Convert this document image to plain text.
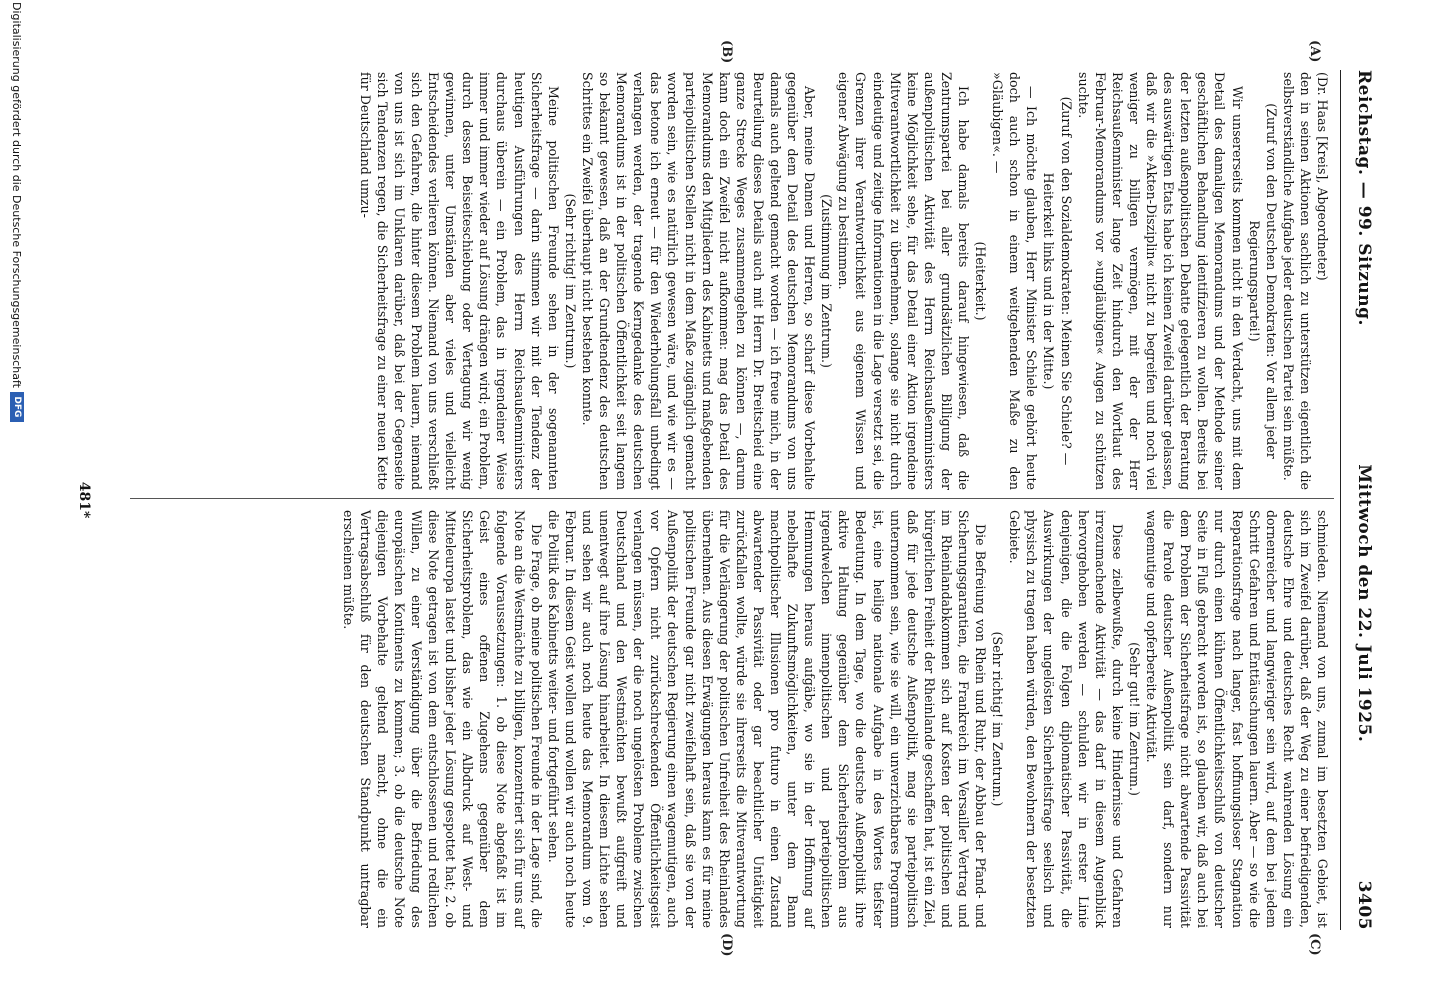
Reichstag. — 99. Sitzung.
Mittwoch den 22. Juli 1925.
3405
(A)
(B)
(C)
(D)

(Dr. Haas [Kreis], Abgeordneter)

den in seinen Aktionen sachlich zu unterstützen eigentlich die selbstverständliche Aufgabe jeder deutschen Partei sein müßte.

(Zuruf von den Deutschen Demokraten: Vor allem jeder Regierungspartei!)

Wir unsererseits kommen nicht in den Verdacht, uns mit dem Detail des damaligen Memorandums und der Methode seiner geschäftlichen Behandlung identifizieren zu wollen. Bereits bei der letzten außenpolitischen Debatte gelegentlich der Beratung des auswärtigen Etats habe ich keinen Zweifel darüber gelassen, daß wir die »Akten-Disziplin« nicht zu begreifen und noch viel weniger zu billigen vermögen, mit der der Herr Reichsaußenminister lange Zeit hindurch den Wortlaut des Februar-Memorandums vor »ungläubigen« Augen zu schützen suchte.

(Zuruf von den Sozialdemokraten: Meinen Sie Schiele? — Heiterkeit links und in der Mitte.)

— Ich möchte glauben, Herr Minister Schiele gehört heute doch auch schon in einem weitgehenden Maße zu den »Gläubigen«. —

(Heiterkeit.)

Ich habe damals bereits darauf hingewiesen, daß die Zentrumspartei bei aller grundsätzlichen Billigung der außenpolitischen Aktivität des Herrn Reichsaußenministers keine Möglichkeit sehe, für das Detail einer Aktion irgendeine Mitverantwortlichkeit zu übernehmen, solange sie nicht durch eindeutige und zeitige Informationen in die Lage versetzt sei, die Grenzen ihrer Verantwortlichkeit aus eigenem Wissen und eigener Abwägung zu bestimmen.

(Zustimmung im Zentrum.)

Aber, meine Damen und Herren, so scharf diese Vorbehalte gegenüber dem Detail des deutschen Memorandums von uns damals auch geltend gemacht worden — ich freue mich, in der Beurteilung dieses Details auch mit Herrn Dr. Breitscheid eine ganze Strecke Weges zusammengehen zu können —, darum kann doch ein Zweifel nicht aufkommen: mag das Detail des Memorandums den Mitgliedern des Kabinetts und maßgebenden parteipolitischen Stellen nicht in dem Maße zugänglich gemacht worden sein, wie es natürlich gewesen wäre, und wie wir es — das betone ich erneut — für den Wiederholungsfall unbedingt verlangen werden, der tragende Kerngedanke des deutschen Memorandums ist in der politischen Öffentlichkeit seit langem so bekannt gewesen, daß an der Grundtendenz des deutschen Schrittes ein Zweifel überhaupt nicht bestehen konnte.

(Sehr richtig! im Zentrum.)

Meine politischen Freunde sehen in der sogenannten Sicherheitsfrage — darin stimmen wir mit der Tendenz der heutigen Ausführungen des Herrn Reichsaußenministers durchaus überein — ein Problem, das in irgendeiner Weise immer und immer wieder auf Lösung drängen wird; ein Problem, durch dessen Beiseiteschiebung oder Vertagung wir wenig gewinnen, unter Umständen aber vieles und vielleicht Entscheidendes verlieren können. Niemand von uns verschließt sich den Gefahren, die hinter diesem Problem lauern, niemand von uns ist sich im Unklaren darüber, daß bei der Gegenseite sich Tendenzen regen, die Sicherheitsfrage zu einer neuen Kette für Deutschland umzu-

schmieden. Niemand von uns, zumal im besetzten Gebiet, ist sich im Zweifel darüber, daß der Weg zu einer befriedigenden, deutsche Ehre und deutsches Recht wahrenden Lösung ein dornenreicher und langwieriger sein wird, auf dem bei jedem Schritt Gefahren und Enttäuschungen lauern. Aber — so wie die Reparationsfrage nach langer, fast hoffnungsloser Stagnation nur durch einen kühnen Öffentlichkeitsschluß von deutscher Seite in Fluß gebracht worden ist, so glauben wir, daß auch bei dem Problem der Sicherheitsfrage nicht abwartende Passivität die Parole deutscher Außenpolitik sein darf, sondern nur wagemutige und opferbereite Aktivität.

(Sehr gut! im Zentrum.)

Diese zielbewußte, durch keine Hindernisse und Gefahren irrezumachende Aktivität — das darf in diesem Augenblick hervorgehoben werden — schulden wir in erster Linie denjenigen, die die Folgen diplomatischer Passivität, die Auswirkungen der ungelösten Sicherheitsfrage seelisch und physisch zu tragen haben würden, den Bewohnern der besetzten Gebiete.

(Sehr richtig! im Zentrum.)

Die Befreiung von Rhein und Ruhr, der Abbau der Pfand- und Sicherungsgarantien, die Frankreich im Versailler Vertrag und im Rheinlandabkommen sich auf Kosten der politischen und bürgerlichen Freiheit der Rheinlande geschaffen hat, ist ein Ziel, daß für jede deutsche Außenpolitik, mag sie parteipolitisch unternommen sein, wie sie will, ein unverzichtbares Programm ist, eine heilige nationale Aufgabe in des Wortes tiefster Bedeutung. In dem Tage, wo die deutsche Außenpolitik ihre aktive Haltung gegenüber dem Sicherheitsproblem aus irgendwelchen innenpolitischen und parteipolitischen Hemmungen heraus aufgäbe, wo sie in der Hoffnung auf nebelhafte Zukunftsmöglichkeiten, unter dem Bann machtpolitischer Illusionen pro futuro in einen Zustand abwartender Passivität oder gar beachtlicher Untätigkeit zurückfallen wollte, würde sie ihrerseits die Mitverantwortung für die Verlängerung der politischen Unfreiheit des Rheinlandes übernehmen. Aus diesen Erwägungen heraus kann es für meine politischen Freunde gar nicht zweifelhaft sein, daß sie von der Außenpolitik der deutschen Regierung einen wagemutigen, auch vor Opfern nicht zurückschreckenden Öffentlichkeitsgeist verlangen müssen, der die noch ungelösten Probleme zwischen Deutschland und den Westmächten bewußt aufgreift und unentwegt auf ihre Lösung hinarbeitet. In diesem Lichte sehen und sehen wir auch noch heute das Memorandum vom 9. Februar. In diesem Geist wollen und wollen wir auch noch heute die Politik des Kabinetts weiter- und fortgeführt sehen.

Die Frage, ob meine politischen Freunde in der Lage sind, die Note an die Westmächte zu billigen, konzentriert sich für uns auf folgende Voraussetzungen: 1. ob diese Note abgefaßt ist im Geist eines offenen Zugehens gegenüber dem Sicherheitsproblem, das wie ein Albdruck auf West- und Mitteleuropa lastet und bisher jeder Lösung gespottet hat; 2. ob diese Note getragen ist von dem entschlossenen und redlichen Willen, zu einer Verständigung über die Befriedung des europäischen Kontinents zu kommen; 3. ob die deutsche Note diejenigen Vorbehalte geltend macht, ohne die ein Vertragsabschluß für den deutschen Standpunkt untragbar erscheinen müßte.

481*
Digitalisierung gefördert durch die Deutsche Forschungsgemeinschaft
DFG
